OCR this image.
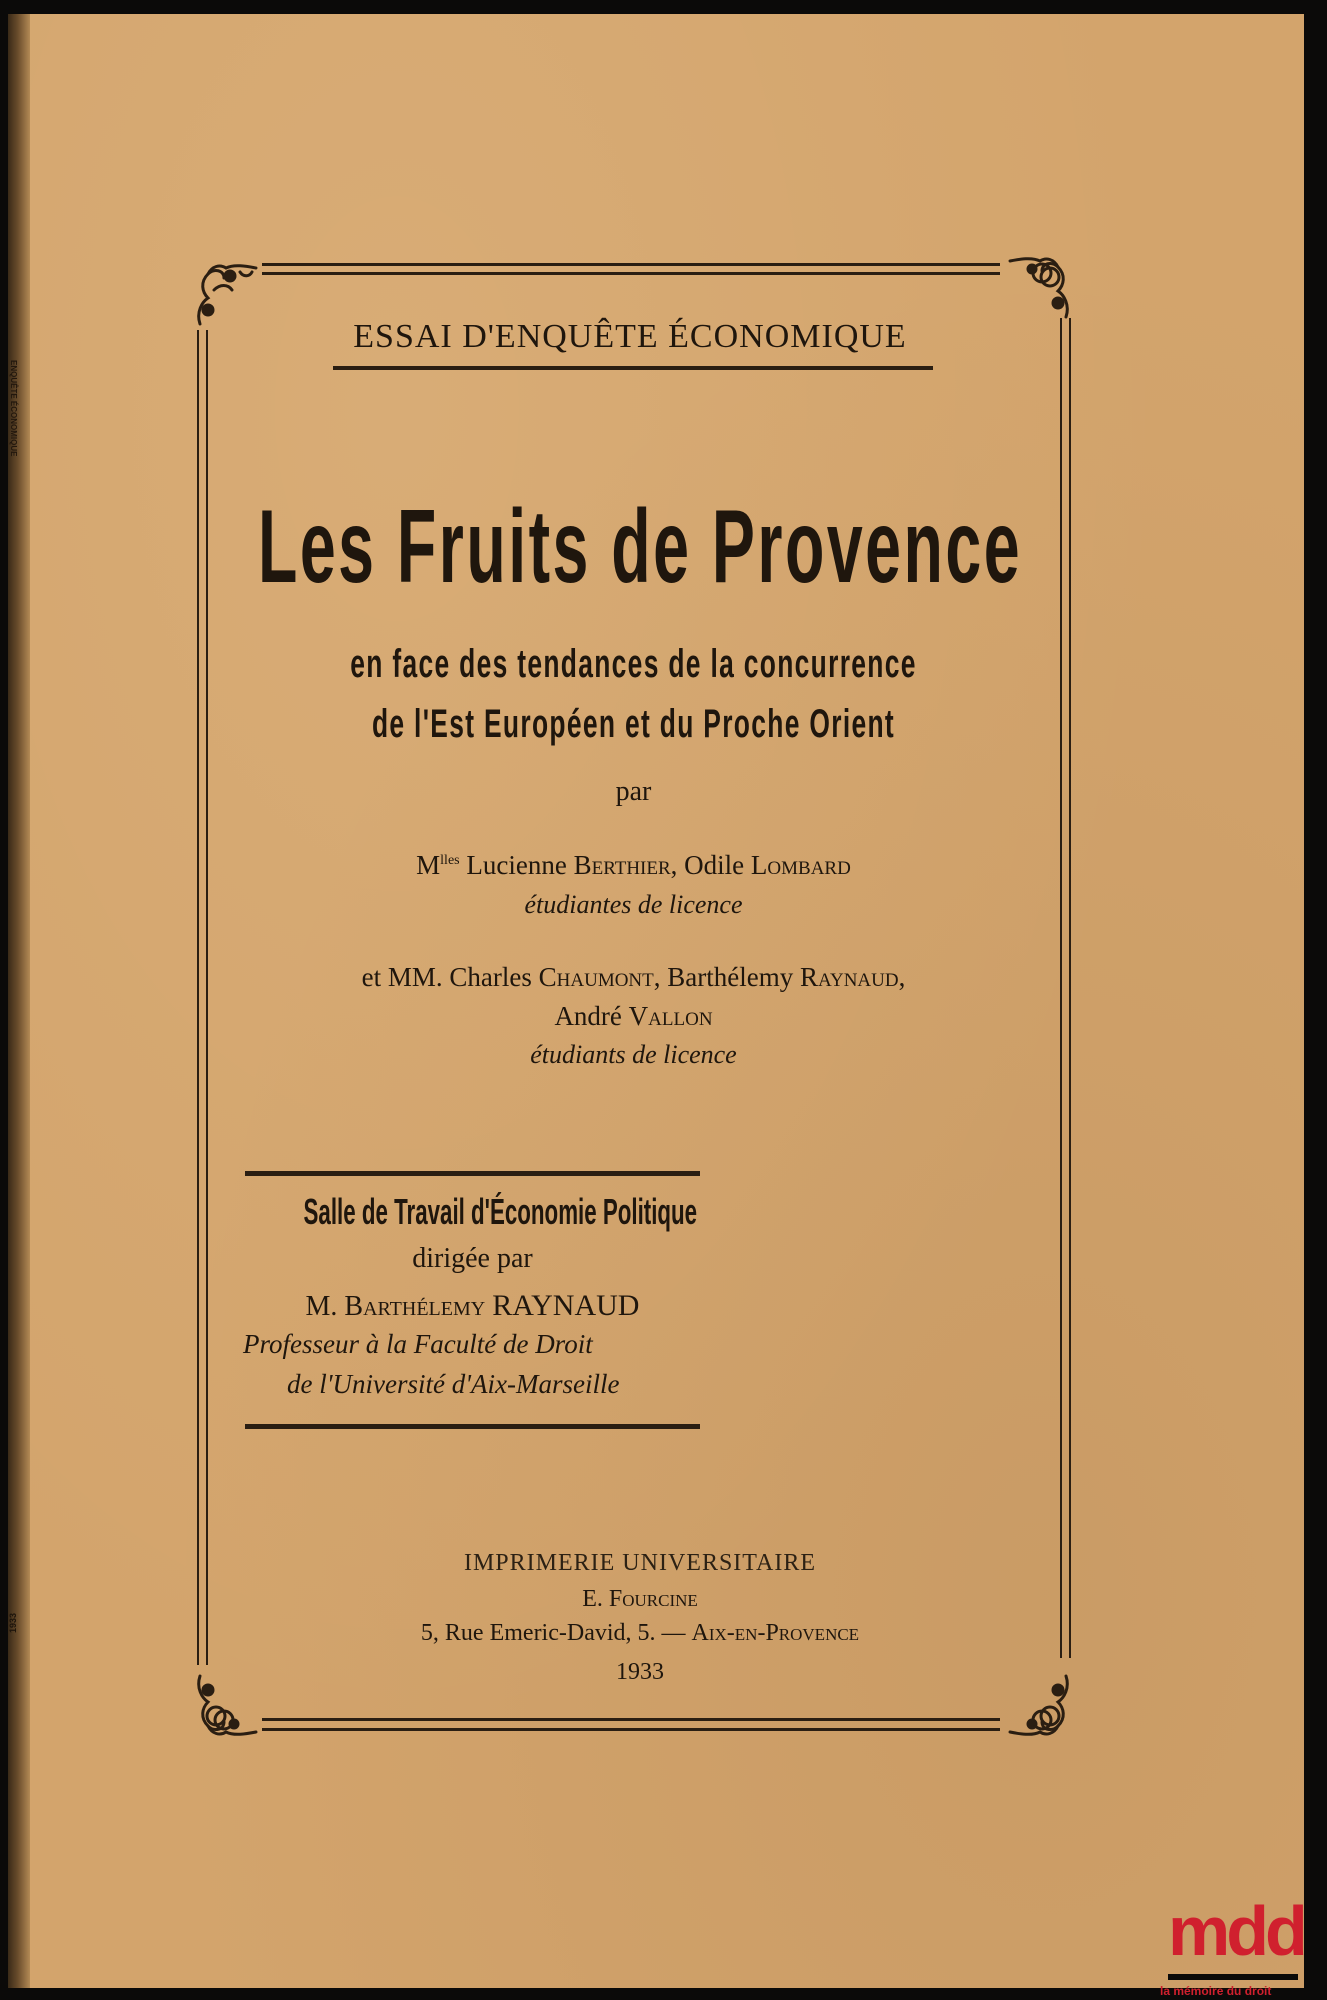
ENQUÊTE ÉCONOMIQUE
1933
ESSAI D'ENQUÊTE ÉCONOMIQUE
Les Fruits de Provence
en face des tendances de la concurrence
de l'Est Européen et du Proche Orient
par
$M^{lles}$ Lucienne Berthier, Odile Lombard
étudiantes de licence
et MM. Charles Chaumont, Barthélemy Raynaud,
André Vallon
étudiants de licence
Salle de Travail d'Économie Politique
dirigée par
M. Barthélemy RAYNAUD
Professeur à la Faculté de Droit
de l'Université d'Aix-Marseille
IMPRIMERIE UNIVERSITAIRE
E. Fourcine
5, Rue Emeric-David, 5. — Aix-en-Provence
1933
mdd
la mémoire du droit
